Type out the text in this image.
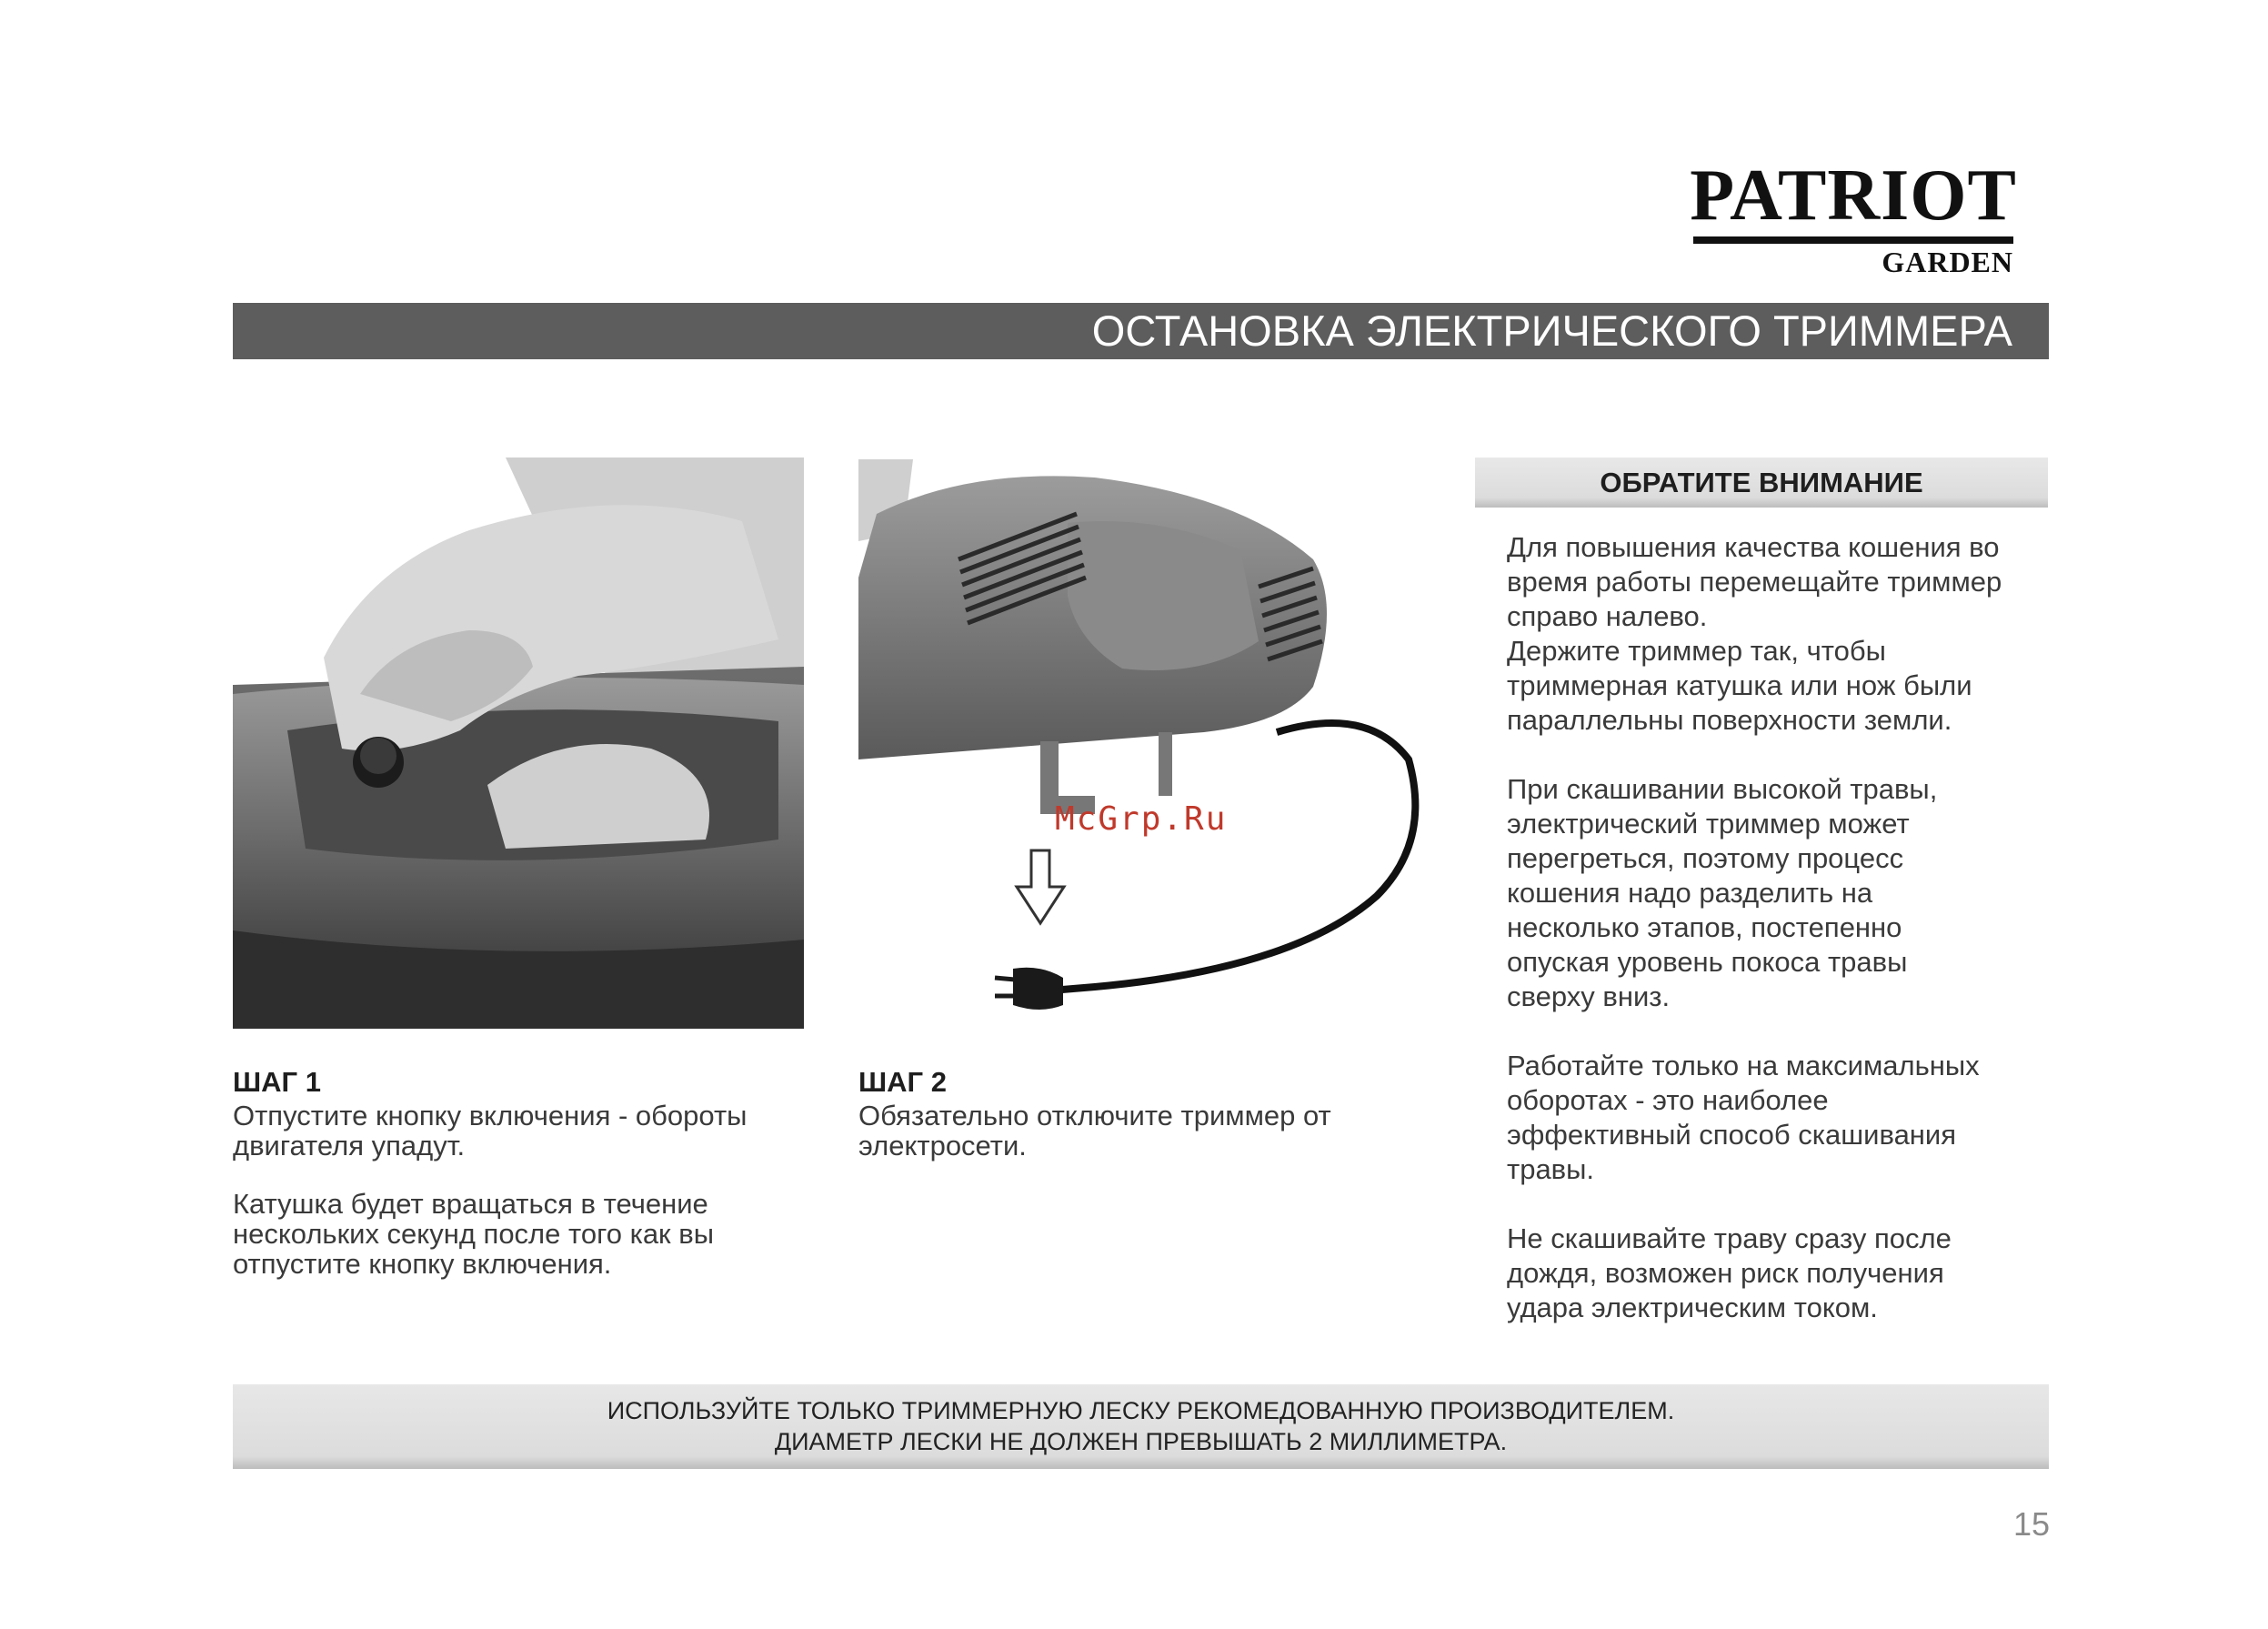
PATRIOT
GARDEN
ОСТАНОВКА ЭЛЕКТРИЧЕСКОГО ТРИММЕРА
McGrp.Ru
ШАГ 1

Отпустите кнопку включения - обороты

двигателя упадут.

Катушка будет вращаться в течение

нескольких секунд после того как вы

отпустите кнопку включения.

ШАГ 2

Обязательно отключите триммер от

электросети.

ОБРАТИТЕ ВНИМАНИЕ

Для повышения качества кошения во
время работы перемещайте триммер
справо налево.
Держите триммер так, чтобы
триммерная катушка или нож были
параллельны поверхности земли.

При скашивании высокой травы,
электрический триммер может
перегреться, поэтому процесс
кошения надо разделить на
несколько этапов, постепенно
опуская уровень покоса травы
сверху вниз.

Работайте только на максимальных
оборотах - это наиболее
эффективный способ скашивания
травы.

Не скашивайте траву сразу после
дождя, возможен риск получения
удара электрическим током.

ИСПОЛЬЗУЙТЕ ТОЛЬКО ТРИММЕРНУЮ ЛЕСКУ РЕКОМЕДОВАННУЮ ПРОИЗВОДИТЕЛЕМ.
ДИАМЕТР ЛЕСКИ НЕ ДОЛЖЕН ПРЕВЫШАТЬ 2 МИЛЛИМЕТРА.
15
